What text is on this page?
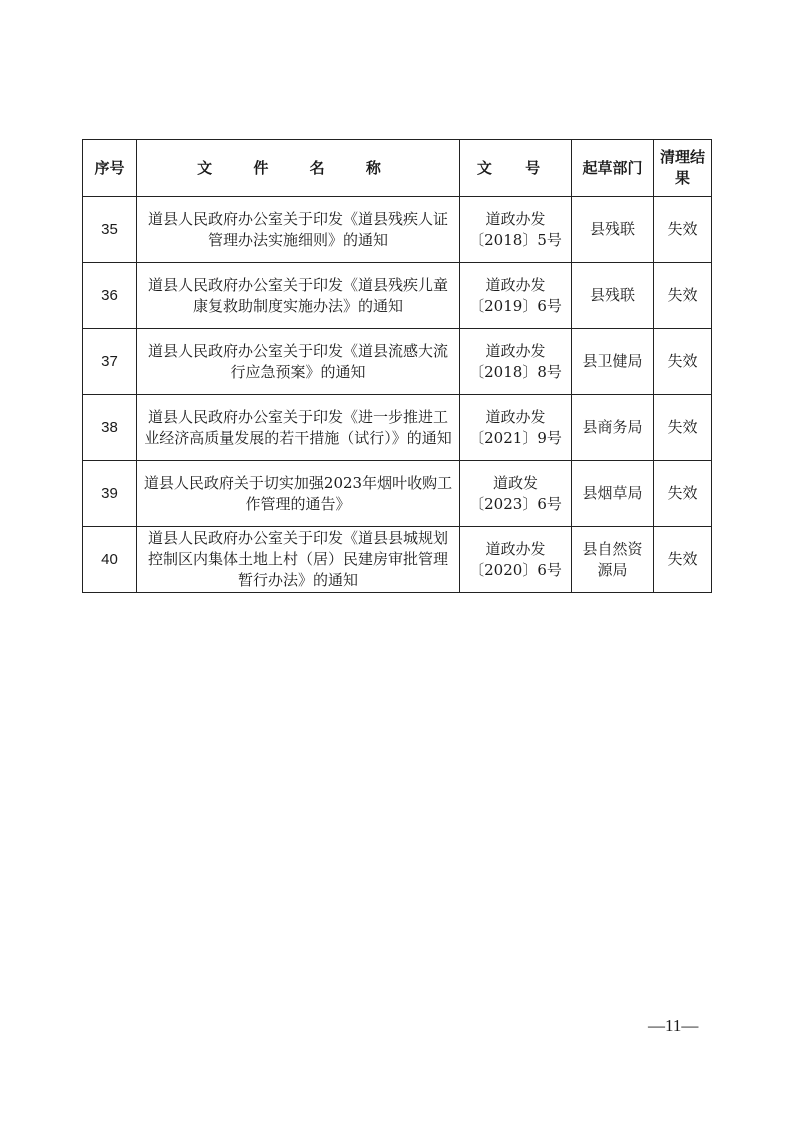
序号	文 件 名 称	文 号	起草部门	清理结果
35	道县人民政府办公室关于印发《道县残疾人证管理办法实施细则》的通知	道政办发〔2018〕5号	县残联	失效
36	道县人民政府办公室关于印发《道县残疾儿童康复救助制度实施办法》的通知	道政办发〔2019〕6号	县残联	失效
37	道县人民政府办公室关于印发《道县流感大流行应急预案》的通知	道政办发〔2018〕8号	县卫健局	失效
38	道县人民政府办公室关于印发《进一步推进工业经济高质量发展的若干措施（试行）》的通知	道政办发〔2021〕9号	县商务局	失效
39	道县人民政府关于切实加强2023年烟叶收购工作管理的通告》	道政发〔2023〕6号	县烟草局	失效
40	道县人民政府办公室关于印发《道县县城规划控制区内集体土地上村（居）民建房审批管理暂行办法》的通知	道政办发〔2020〕6号	县自然资源局	失效
—11—
